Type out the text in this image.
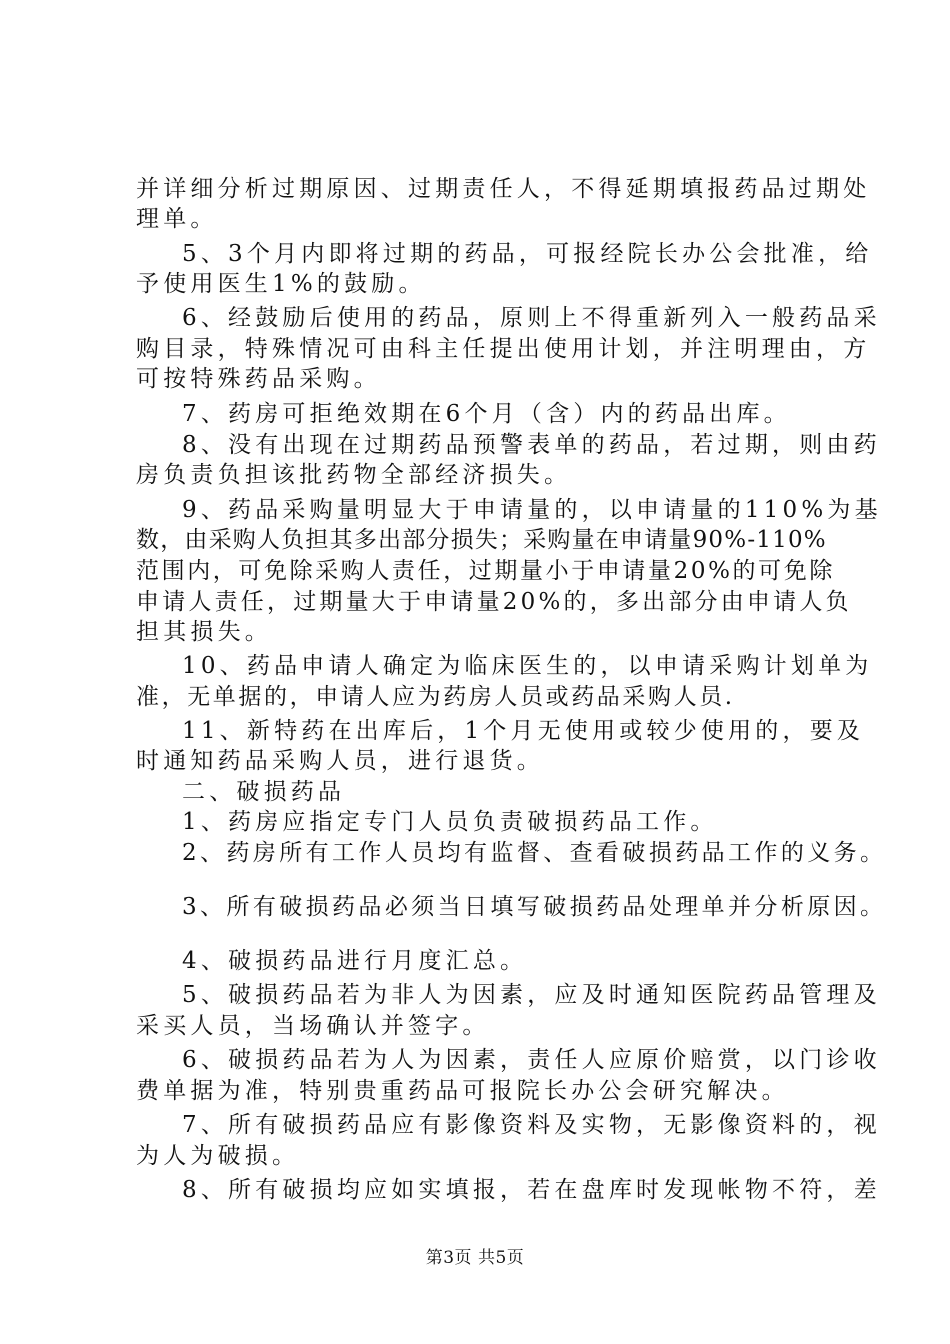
并详细分析过期原因、过期责任人，不得延期填报药品过期处
理单。
5、3个月内即将过期的药品，可报经院长办公会批准，给
予使用医生1%的鼓励。
6、经鼓励后使用的药品，原则上不得重新列入一般药品采
购目录，特殊情况可由科主任提出使用计划，并注明理由，方
可按特殊药品采购。
7、药房可拒绝效期在6个月（含）内的药品出库。
8、没有出现在过期药品预警表单的药品，若过期，则由药
房负责负担该批药物全部经济损失。
9、药品采购量明显大于申请量的，以申请量的110%为基
数，由采购人负担其多出部分损失；采购量在申请量90%-110%
范围内，可免除采购人责任，过期量小于申请量20%的可免除
申请人责任，过期量大于申请量20%的，多出部分由申请人负
担其损失。
10、药品申请人确定为临床医生的，以申请采购计划单为
准，无单据的，申请人应为药房人员或药品采购人员.
11、新特药在出库后，1个月无使用或较少使用的，要及
时通知药品采购人员，进行退货。
二、破损药品
1、药房应指定专门人员负责破损药品工作。
2、药房所有工作人员均有监督、查看破损药品工作的义务。
3、所有破损药品必须当日填写破损药品处理单并分析原因。
4、破损药品进行月度汇总。
5、破损药品若为非人为因素，应及时通知医院药品管理及
采买人员，当场确认并签字。
6、破损药品若为人为因素，责任人应原价赔赏，以门诊收
费单据为准，特别贵重药品可报院长办公会研究解决。
7、所有破损药品应有影像资料及实物，无影像资料的，视
为人为破损。
8、所有破损均应如实填报，若在盘库时发现帐物不符，差
第3页 共5页
